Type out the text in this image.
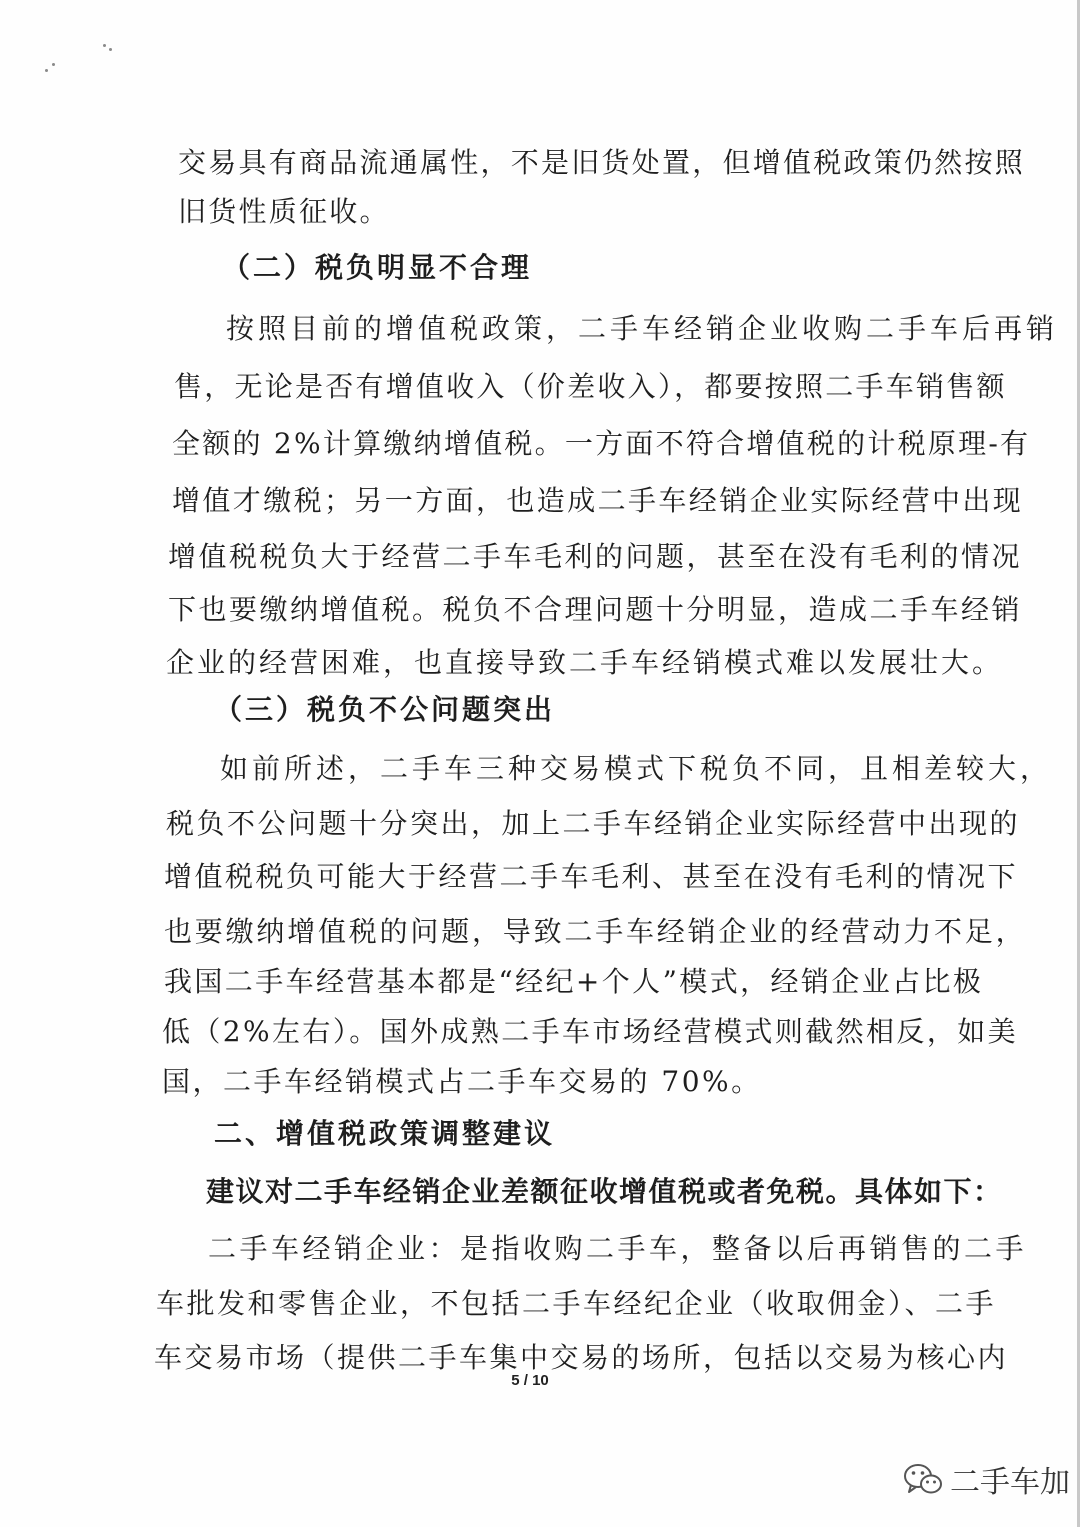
交易具有商品流通属性，不是旧货处置，但增值税政策仍然按照
旧货性质征收。
（二）税负明显不合理
按照目前的增值税政策，二手车经销企业收购二手车后再销
售，无论是否有增值收入（价差收入），都要按照二手车销售额
全额的 2%计算缴纳增值税。一方面不符合增值税的计税原理-有
增值才缴税；另一方面，也造成二手车经销企业实际经营中出现
增值税税负大于经营二手车毛利的问题，甚至在没有毛利的情况
下也要缴纳增值税。税负不合理问题十分明显，造成二手车经销
企业的经营困难，也直接导致二手车经销模式难以发展壮大。
（三）税负不公问题突出
如前所述，二手车三种交易模式下税负不同，且相差较大，
税负不公问题十分突出，加上二手车经销企业实际经营中出现的
增值税税负可能大于经营二手车毛利、甚至在没有毛利的情况下
也要缴纳增值税的问题，导致二手车经销企业的经营动力不足，
我国二手车经营基本都是“经纪+个人”模式，经销企业占比极
低（2%左右）。国外成熟二手车市场经营模式则截然相反，如美
国，二手车经销模式占二手车交易的 70%。
二、增值税政策调整建议
建议对二手车经销企业差额征收增值税或者免税。具体如下：
二手车经销企业：是指收购二手车，整备以后再销售的二手
车批发和零售企业，不包括二手车经纪企业（收取佣金）、二手
车交易市场（提供二手车集中交易的场所，包括以交易为核心内
5 / 10
二手车加
